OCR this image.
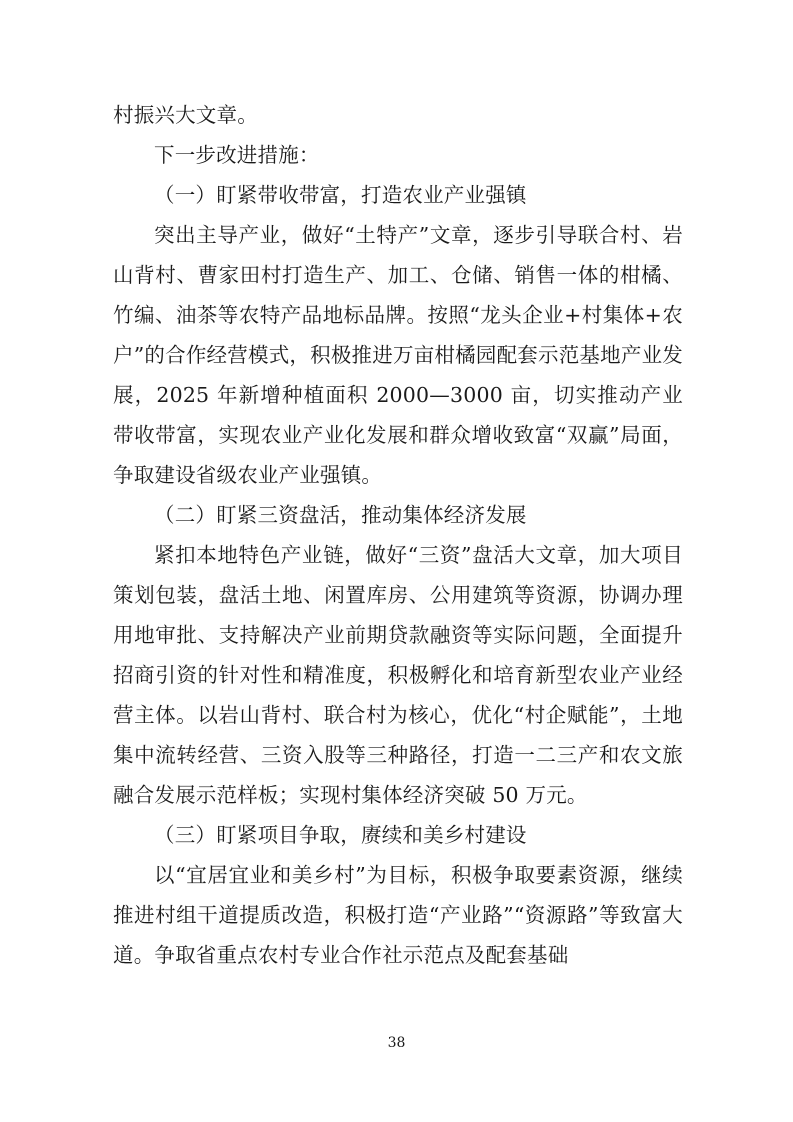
村振兴大文章。

下一步改进措施：

（一）盯紧带收带富，打造农业产业强镇

突出主导产业，做好“土特产”文章，逐步引导联合村、岩山背村、曹家田村打造生产、加工、仓储、销售一体的柑橘、竹编、油茶等农特产品地标品牌。按照“龙头企业+村集体+农户”的合作经营模式，积极推进万亩柑橘园配套示范基地产业发展，2025 年新增种植面积 2000—3000 亩，切实推动产业带收带富，实现农业产业化发展和群众增收致富“双赢”局面，争取建设省级农业产业强镇。

（二）盯紧三资盘活，推动集体经济发展

紧扣本地特色产业链，做好“三资”盘活大文章，加大项目策划包装，盘活土地、闲置库房、公用建筑等资源，协调办理用地审批、支持解决产业前期贷款融资等实际问题，全面提升招商引资的针对性和精准度，积极孵化和培育新型农业产业经营主体。以岩山背村、联合村为核心，优化“村企赋能”，土地集中流转经营、三资入股等三种路径，打造一二三产和农文旅融合发展示范样板；实现村集体经济突破 50 万元。

（三）盯紧项目争取，赓续和美乡村建设

以“宜居宜业和美乡村”为目标，积极争取要素资源，继续推进村组干道提质改造，积极打造“产业路”“资源路”等致富大道。争取省重点农村专业合作社示范点及配套基础

38
